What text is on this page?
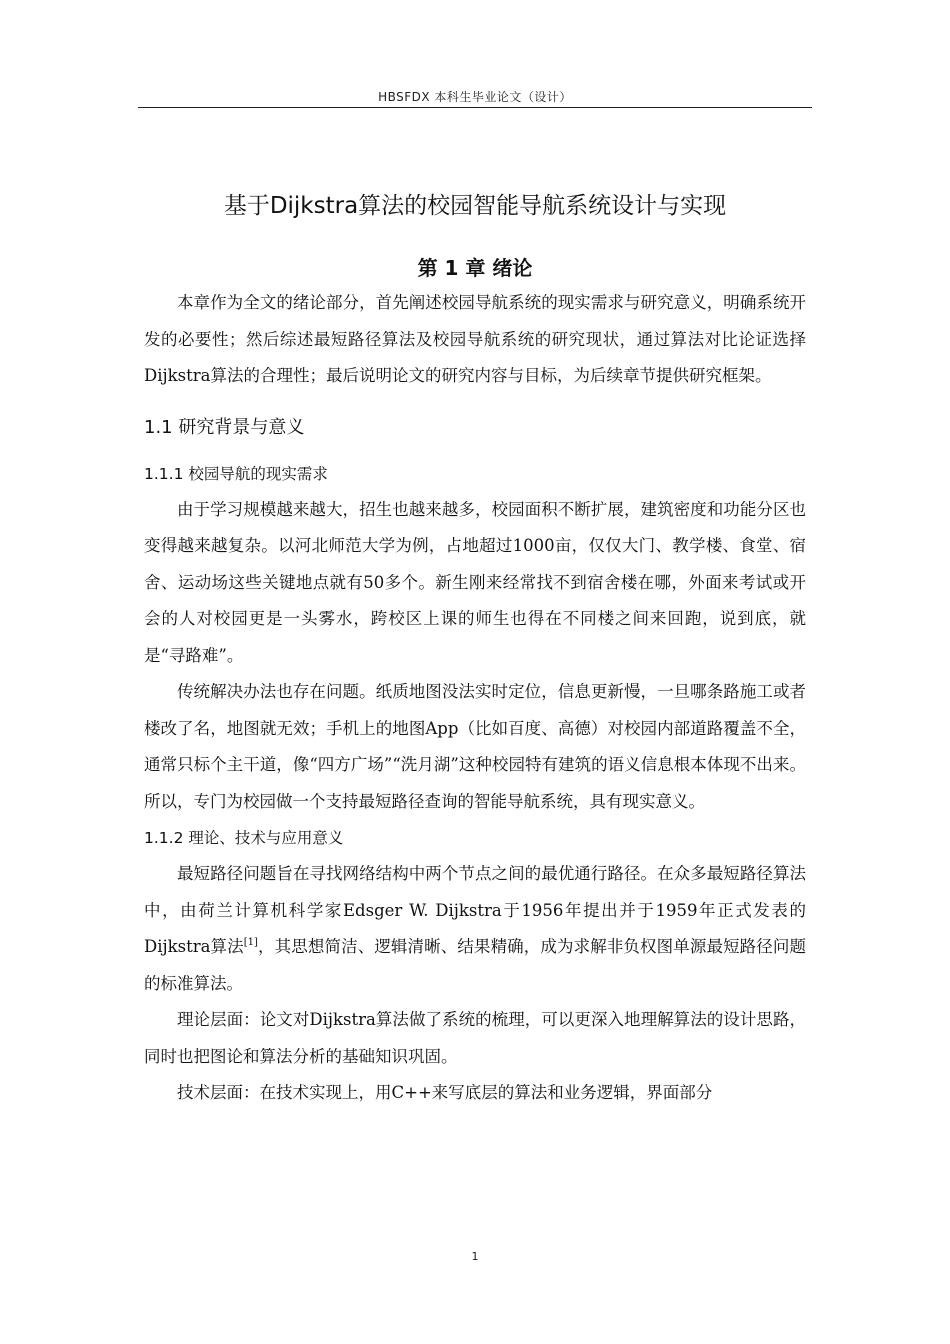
HBSFDX 本科生毕业论文（设计）
基于Dijkstra算法的校园智能导航系统设计与实现
第 1 章 绪论

本章作为全文的绪论部分，首先阐述校园导航系统的现实需求与研究意义，明确系统开发的必要性；然后综述最短路径算法及校园导航系统的研究现状，通过算法对比论证选择Dijkstra算法的合理性；最后说明论文的研究内容与目标，为后续章节提供研究框架。

1.1 研究背景与意义
1.1.1 校园导航的现实需求

由于学习规模越来越大，招生也越来越多，校园面积不断扩展，建筑密度和功能分区也变得越来越复杂。以河北师范大学为例，占地超过1000亩，仅仅大门、教学楼、食堂、宿舍、运动场这些关键地点就有50多个。新生刚来经常找不到宿舍楼在哪，外面来考试或开会的人对校园更是一头雾水，跨校区上课的师生也得在不同楼之间来回跑，说到底，就是“寻路难”。

传统解决办法也存在问题。纸质地图没法实时定位，信息更新慢，一旦哪条路施工或者楼改了名，地图就无效；手机上的地图App（比如百度、高德）对校园内部道路覆盖不全，通常只标个主干道，像“四方广场”“洗月湖”这种校园特有建筑的语义信息根本体现不出来。所以，专门为校园做一个支持最短路径查询的智能导航系统，具有现实意义。

1.1.2 理论、技术与应用意义

最短路径问题旨在寻找网络结构中两个节点之间的最优通行路径。在众多最短路径算法中，由荷兰计算机科学家Edsger W. Dijkstra于1956年提出并于1959年正式发表的Dijkstra算法[1]，其思想简洁、逻辑清晰、结果精确，成为求解非负权图单源最短路径问题的标准算法。

理论层面：论文对Dijkstra算法做了系统的梳理，可以更深入地理解算法的设计思路，同时也把图论和算法分析的基础知识巩固。

技术层面：在技术实现上，用C++来写底层的算法和业务逻辑，界面部分

1
